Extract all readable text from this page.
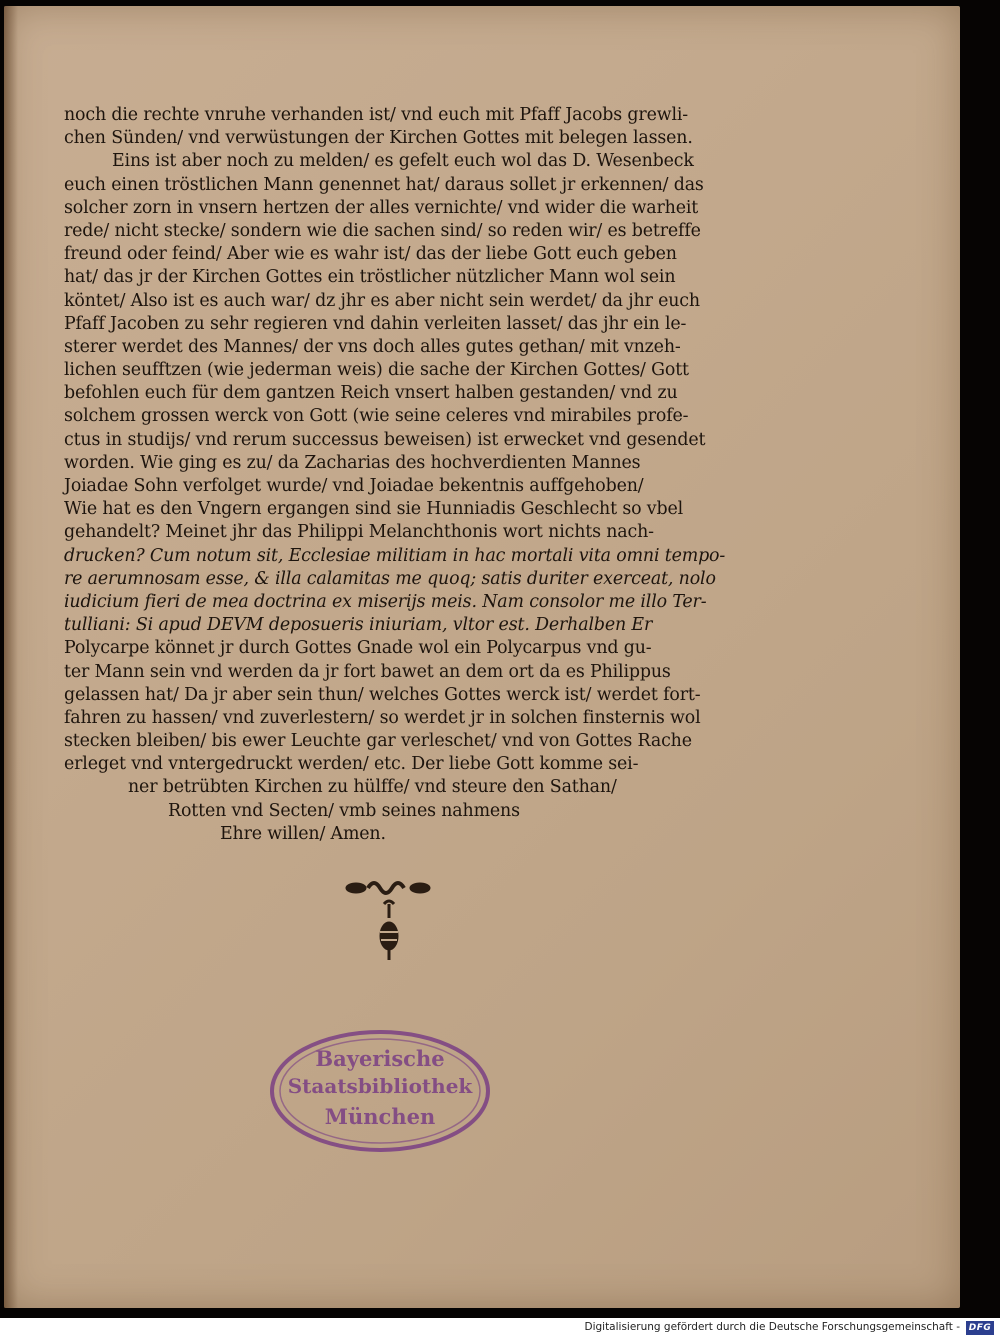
noch die rechte vnruhe verhanden ist/ vnd euch mit Pfaff Jacobs grewli-
chen Sünden/ vnd verwüstungen der Kirchen Gottes mit belegen lassen.
Eins ist aber noch zu melden/ es gefelt euch wol das D. Wesenbeck
euch einen tröstlichen Mann genennet hat/ daraus sollet jr erkennen/ das
solcher zorn in vnsern hertzen der alles vernichte/ vnd wider die warheit
rede/ nicht stecke/ sondern wie die sachen sind/ so reden wir/ es betreffe
freund oder feind/ Aber wie es wahr ist/ das der liebe Gott euch geben
hat/ das jr der Kirchen Gottes ein tröstlicher nützlicher Mann wol sein
köntet/ Also ist es auch war/ dz jhr es aber nicht sein werdet/ da jhr euch
Pfaff Jacoben zu sehr regieren vnd dahin verleiten lasset/ das jhr ein le-
sterer werdet des Mannes/ der vns doch alles gutes gethan/ mit vnzeh-
lichen seufftzen (wie jederman weis) die sache der Kirchen Gottes/ Gott
befohlen euch für dem gantzen Reich vnsert halben gestanden/ vnd zu
solchem grossen werck von Gott (wie seine celeres vnd mirabiles profe-
ctus in studijs/ vnd rerum successus beweisen) ist erwecket vnd gesendet
worden. Wie ging es zu/ da Zacharias des hochverdienten Mannes
Joiadae Sohn verfolget wurde/ vnd Joiadae bekentnis auffgehoben/
Wie hat es den Vngern ergangen sind sie Hunniadis Geschlecht so vbel
gehandelt? Meinet jhr das Philippi Melanchthonis wort nichts nach-
drucken? Cum notum sit, Ecclesiae militiam in hac mortali vita omni tempo-
re aerumnosam esse, & illa calamitas me quoq; satis duriter exerceat, nolo
iudicium fieri de mea doctrina ex miserijs meis. Nam consolor me illo Ter-
tulliani: Si apud DEVM deposueris iniuriam, vltor est. Derhalben Er
Polycarpe könnet jr durch Gottes Gnade wol ein Polycarpus vnd gu-
ter Mann sein vnd werden da jr fort bawet an dem ort da es Philippus
gelassen hat/ Da jr aber sein thun/ welches Gottes werck ist/ werdet fort-
fahren zu hassen/ vnd zuverlestern/ so werdet jr in solchen finsternis wol
stecken bleiben/ bis ewer Leuchte gar verleschet/ vnd von Gottes Rache
erleget vnd vntergedruckt werden/ etc. Der liebe Gott komme sei-
ner betrübten Kirchen zu hülffe/ vnd steure den Sathan/
Rotten vnd Secten/ vmb seines nahmens
Ehre willen/ Amen.
Bayerische
Staatsbibliothek
München
Digitalisierung gefördert durch die Deutsche Forschungsgemeinschaft - DFG
